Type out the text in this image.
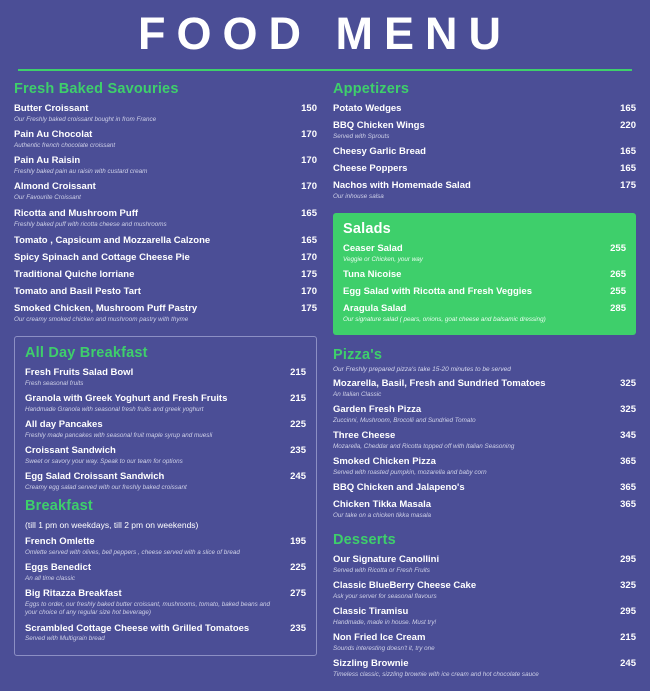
FOOD MENU
Fresh Baked Savouries
Butter Croissant
Our Freshly baked croissant bought in from France
150
Pain Au Chocolat
Authentic french chocolate croissant
170
Pain Au Raisin
Freshly baked pain au raisin with custard cream
170
Almond Croissant
Our Favourite Croissant
170
Ricotta and Mushroom Puff
Freshly baked puff with ricotta cheese and mushrooms
165
Tomato , Capsicum and Mozzarella Calzone	165
Spicy Spinach and Cottage Cheese Pie	170
Traditional Quiche lorriane	175
Tomato and Basil Pesto Tart	170
Smoked Chicken, Mushroom Puff Pastry
Our creamy smoked chicken and mushroom pastry with thyme
175
All Day Breakfast
Fresh Fruits Salad Bowl
Fresh seasonal fruits
215
Granola with Greek Yoghurt and Fresh Fruits
Handmade Granola with seasonal fresh fruits and greek yoghurt
215
All day Pancakes
Freshly made pancakes with seasonal fruit maple syrup and muesli
225
Croissant Sandwich
Sweet or savory your way. Speak to our team for options
235
Egg Salad Croissant Sandwich
Creamy egg salad served with our freshly baked croissant
245
Breakfast
(till 1 pm on weekdays, till 2 pm on weekends)
French Omlette
Omlette served with olives, bell peppers , cheese served with a slice of bread
195
Eggs Benedict
An all time classic
225
Big Ritazza Breakfast
Eggs to order, our freshly baked butter croissant, mushrooms, tomato, baked beans and your choice of any regular size hot beverage)
275
Scrambled Cottage Cheese with Grilled Tomatoes
Served with Multigrain bread
235
Appetizers
Potato Wedges	165
BBQ Chicken Wings
Served with Sprouts
220
Cheesy Garlic Bread	165
Cheese Poppers	165
Nachos with Homemade Salad
Our inhouse salsa
175
Salads
Ceaser Salad
Veggie or Chicken, your way
255
Tuna Nicoise	265
Egg Salad with Ricotta and Fresh Veggies	255
Aragula Salad
Our signature salad ( pears, onions, goat cheese and balsamic dressing)
285
Pizza's
Our Freshly prepared pizza's take 15-20 minutes to be served
Mozarella, Basil, Fresh and Sundried Tomatoes
An Italian Classic
325
Garden Fresh Pizza
Zuccinni, Mushroom, Brocolli and Sundried Tomato
325
Three Cheese
Mozarella, Cheddar and Ricotta topped off with Italian Seasoning
345
Smoked Chicken Pizza
Served with roasted pumpkin, mozarella and baby corn
365
BBQ Chicken and Jalapeno's	365
Chicken Tikka Masala
Our take on a chicken tikka masala
365
Desserts
Our Signature Canollini
Served with Ricotta or Fresh Fruits
295
Classic BlueBerry Cheese Cake
Ask your server for seasonal flavours
325
Classic Tiramisu
Handmade, made in house. Must try!
295
Non Fried Ice Cream
Sounds interesting doesn't it, try one
215
Sizzling Brownie
Timeless classic, sizzling brownie with ice cream and hot chocolate sauce
245
